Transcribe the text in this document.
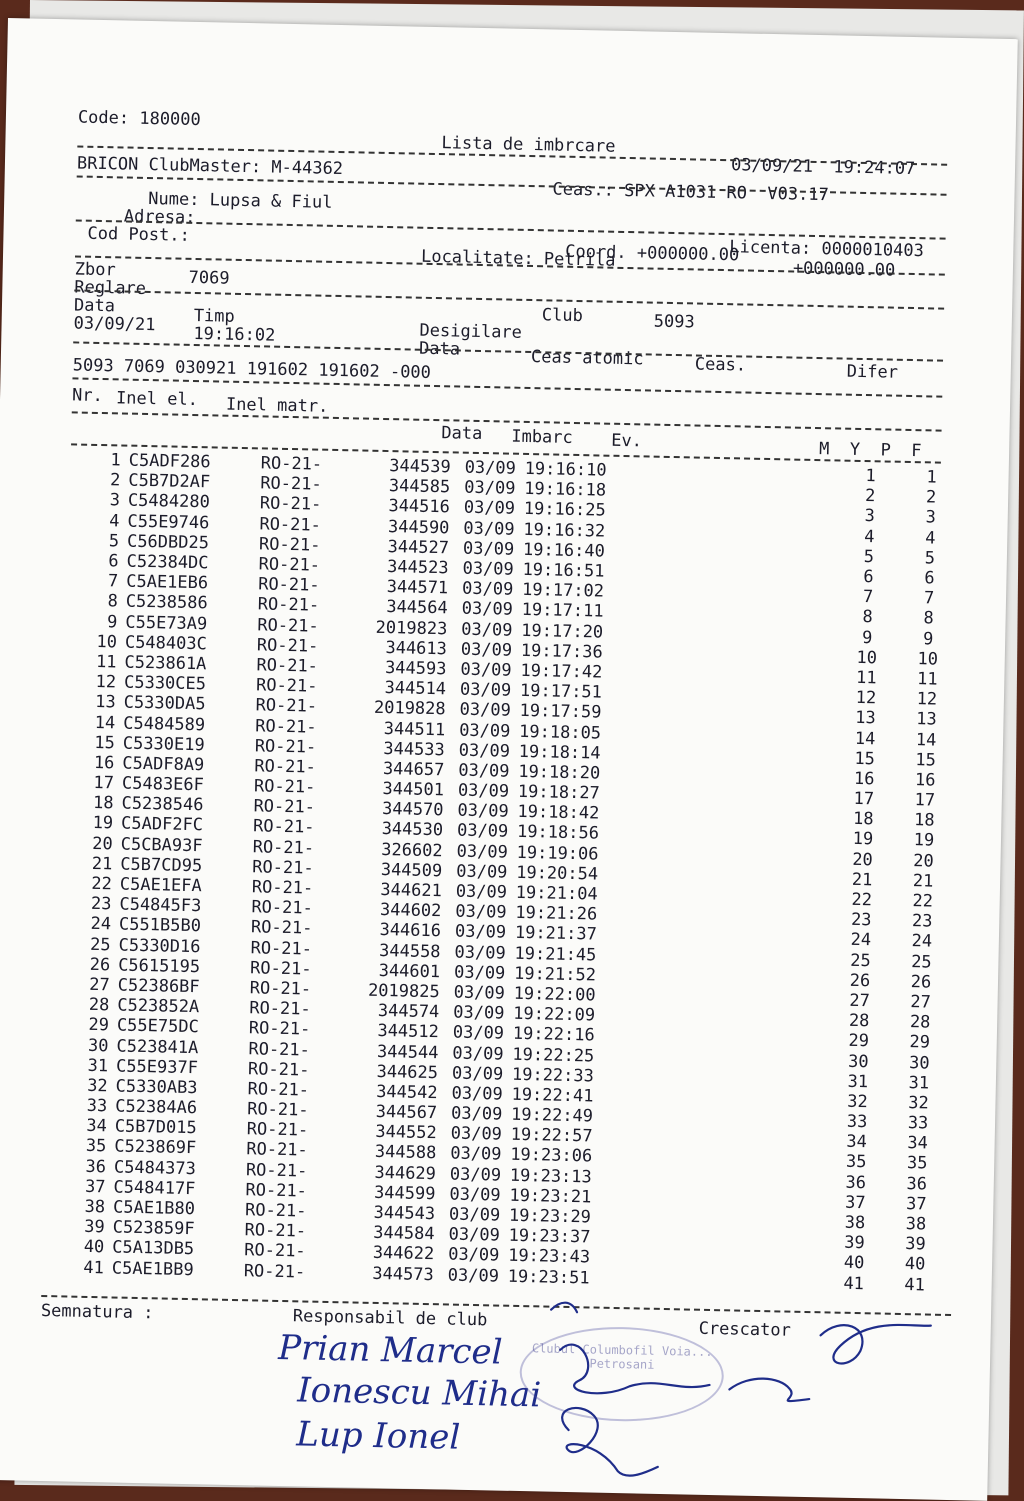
Code: 180000
Lista de imbrcare
03/09/21  19:24:07
BRICON ClubMaster: M-44362
Ceas.: SPX A1031 RO  V03.17
Nume: Lupsa & Fiul
Adresa:
Cod Post.:
Licenta: 0000010403
Coord. +000000.00
+000000.00
Localitate: Petrila
Zbor	7069
Reglare
Data
03/09/21 Timp
19:16:02
Club	5093
Desigilare
Data	Ceas atomic	Ceas.	Difer
5093 7069 030921 191602 191602 -000
Nr. Inel el. Inel matr.
Data Imbarc Ev.	M  Y  P  F
1	C5ADF286	RO-21-	344539	03/09	19:16:10	1	1
2	C5B7D2AF	RO-21-	344585	03/09	19:16:18	2	2
3	C5484280	RO-21-	344516	03/09	19:16:25	3	3
4	C55E9746	RO-21-	344590	03/09	19:16:32	4	4
5	C56DBD25	RO-21-	344527	03/09	19:16:40	5	5
6	C52384DC	RO-21-	344523	03/09	19:16:51	6	6
7	C5AE1EB6	RO-21-	344571	03/09	19:17:02	7	7
8	C5238586	RO-21-	344564	03/09	19:17:11	8	8
9	C55E73A9	RO-21-	2019823	03/09	19:17:20	9	9
10	C548403C	RO-21-	344613	03/09	19:17:36	10	10
11	C523861A	RO-21-	344593	03/09	19:17:42	11	11
12	C5330CE5	RO-21-	344514	03/09	19:17:51	12	12
13	C5330DA5	RO-21-	2019828	03/09	19:17:59	13	13
14	C5484589	RO-21-	344511	03/09	19:18:05	14	14
15	C5330E19	RO-21-	344533	03/09	19:18:14	15	15
16	C5ADF8A9	RO-21-	344657	03/09	19:18:20	16	16
17	C5483E6F	RO-21-	344501	03/09	19:18:27	17	17
18	C5238546	RO-21-	344570	03/09	19:18:42	18	18
19	C5ADF2FC	RO-21-	344530	03/09	19:18:56	19	19
20	C5CBA93F	RO-21-	326602	03/09	19:19:06	20	20
21	C5B7CD95	RO-21-	344509	03/09	19:20:54	21	21
22	C5AE1EFA	RO-21-	344621	03/09	19:21:04	22	22
23	C54845F3	RO-21-	344602	03/09	19:21:26	23	23
24	C551B5B0	RO-21-	344616	03/09	19:21:37	24	24
25	C5330D16	RO-21-	344558	03/09	19:21:45	25	25
26	C5615195	RO-21-	344601	03/09	19:21:52	26	26
27	C52386BF	RO-21-	2019825	03/09	19:22:00	27	27
28	C523852A	RO-21-	344574	03/09	19:22:09	28	28
29	C55E75DC	RO-21-	344512	03/09	19:22:16	29	29
30	C523841A	RO-21-	344544	03/09	19:22:25	30	30
31	C55E937F	RO-21-	344625	03/09	19:22:33	31	31
32	C5330AB3	RO-21-	344542	03/09	19:22:41	32	32
33	C52384A6	RO-21-	344567	03/09	19:22:49	33	33
34	C5B7D015	RO-21-	344552	03/09	19:22:57	34	34
35	C523869F	RO-21-	344588	03/09	19:23:06	35	35
36	C5484373	RO-21-	344629	03/09	19:23:13	36	36
37	C548417F	RO-21-	344599	03/09	19:23:21	37	37
38	C5AE1B80	RO-21-	344543	03/09	19:23:29	38	38
39	C523859F	RO-21-	344584	03/09	19:23:37	39	39
40	C5A13DB5	RO-21-	344622	03/09	19:23:43	40	40
41	C5AE1BB9	RO-21-	344573	03/09	19:23:51	41	41
Semnatura :	Responsabil de club	Crescator
Prian Marcel
Ionescu Mihai
Lup Ionel
Clubul Columbofil Voia... Petrosani
